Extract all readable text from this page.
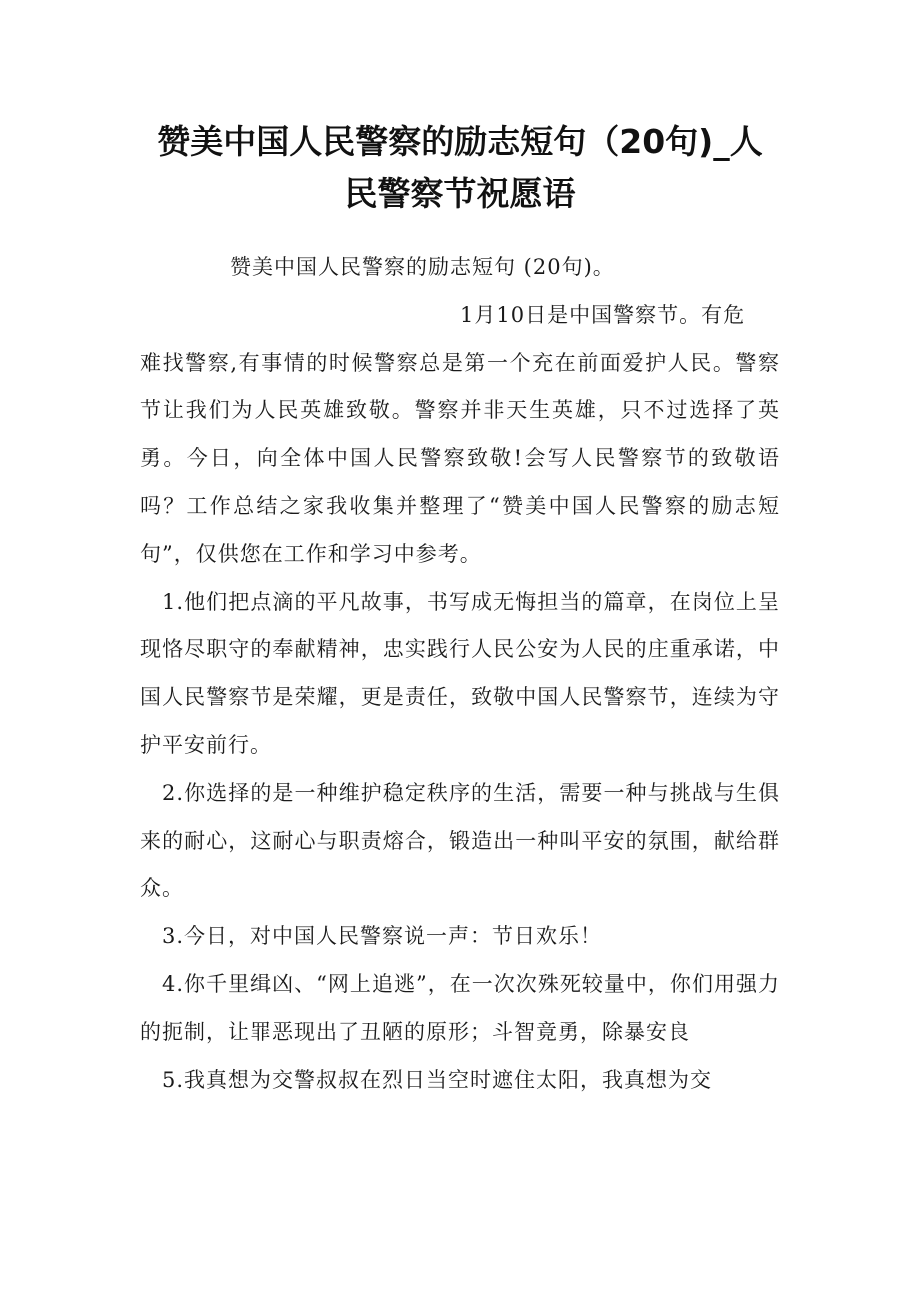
赞美中国人民警察的励志短句（20句)_人
民警察节祝愿语

赞美中国人民警察的励志短句 (20句)。

1月10日是中国警察节。有危

难找警察,有事情的时候警察总是第一个充在前面爱护人民。警察节让我们为人民英雄致敬。警察并非天生英雄，只不过选择了英勇。今日，向全体中国人民警察致敬!会写人民警察节的致敬语吗？工作总结之家我收集并整理了“赞美中国人民警察的励志短句”，仅供您在工作和学习中参考。

1.他们把点滴的平凡故事，书写成无悔担当的篇章，在岗位上呈现恪尽职守的奉献精神，忠实践行人民公安为人民的庄重承诺，中国人民警察节是荣耀，更是责任，致敬中国人民警察节，连续为守护平安前行。

2.你选择的是一种维护稳定秩序的生活，需要一种与挑战与生俱来的耐心，这耐心与职责熔合，锻造出一种叫平安的氛围，献给群众。

3.今日，对中国人民警察说一声：节日欢乐！

4.你千里缉凶、“网上追逃”，在一次次殊死较量中，你们用强力的扼制，让罪恶现出了丑陋的原形；斗智竟勇，除暴安良

5.我真想为交警叔叔在烈日当空时遮住太阳，我真想为交
